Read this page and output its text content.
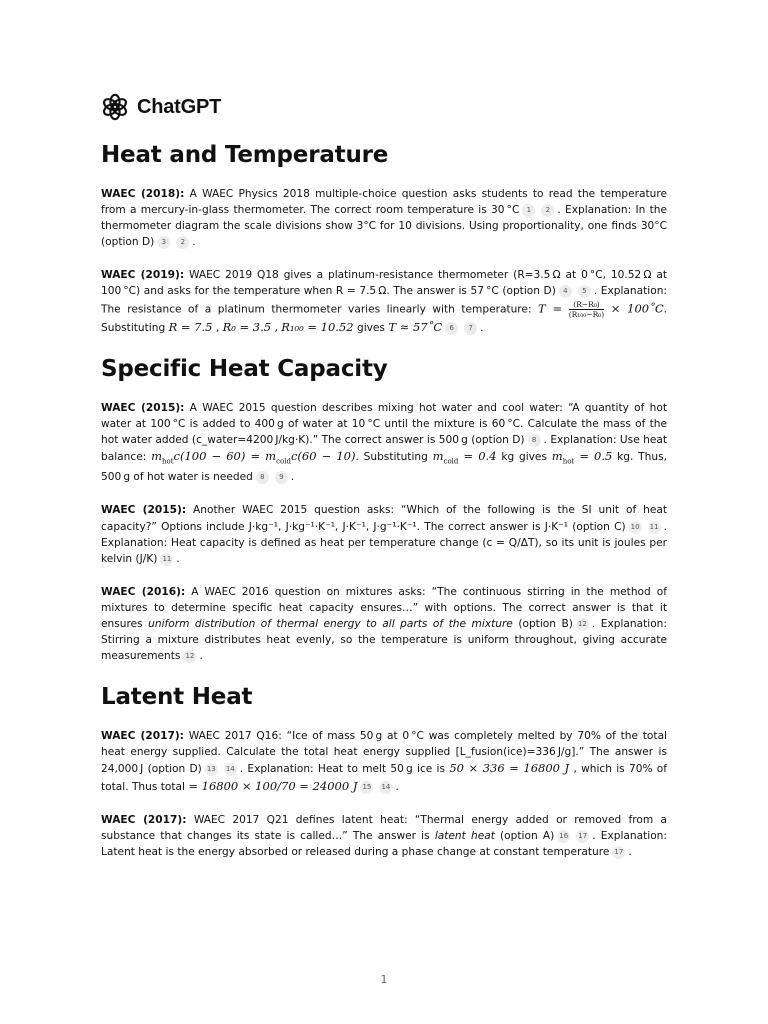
ChatGPT
Heat and Temperature

WAEC (2018): A WAEC Physics 2018 multiple-choice question asks students to read the temperature from a mercury-in-glass thermometer. The correct room temperature is 30 °C 1 2 . Explanation: In the thermometer diagram the scale divisions show 3°C for 10 divisions. Using proportionality, one finds 30°C (option D) 3 2 .

WAEC (2019): WAEC 2019 Q18 gives a platinum-resistance thermometer (R=3.5 Ω at 0 °C, 10.52 Ω at 100 °C) and asks for the temperature when R = 7.5 Ω. The answer is 57 °C (option D) 4 5 . Explanation: The resistance of a platinum thermometer varies linearly with temperature: $T = \frac{\text{(R−R₀)}}{\text{(R₁₀₀−R₀)}}$ × 100˚C. Substituting R = 7.5 , R₀ = 3.5 , R₁₀₀ = 10.52 gives T ≈ 57˚C 6 7 .

Specific Heat Capacity

WAEC (2015): A WAEC 2015 question describes mixing hot water and cool water: “A quantity of hot water at 100 °C is added to 400 g of water at 10 °C until the mixture is 60 °C. Calculate the mass of the hot water added (c_water=4200 J/kg·K).” The correct answer is 500 g (option D) 8 . Explanation: Use heat balance: $m_{hot}c(100 - 60) = m_{cold}c(60 - 10)$. Substituting $m_{cold} = 0.4$ kg gives $m_{hot} = 0.5$ kg. Thus, 500 g of hot water is needed 8 9 .

WAEC (2015): Another WAEC 2015 question asks: “Which of the following is the SI unit of heat capacity?” Options include J·kg⁻¹, J·kg⁻¹·K⁻¹, J·K⁻¹, J·g⁻¹·K⁻¹. The correct answer is J·K⁻¹ (option C) 10 11 . Explanation: Heat capacity is defined as heat per temperature change (c = Q/ΔT), so its unit is joules per kelvin (J/K) 11 .

WAEC (2016): A WAEC 2016 question on mixtures asks: “The continuous stirring in the method of mixtures to determine specific heat capacity ensures…” with options. The correct answer is that it ensures uniform distribution of thermal energy to all parts of the mixture (option B) 12 . Explanation: Stirring a mixture distributes heat evenly, so the temperature is uniform throughout, giving accurate measurements 12 .

Latent Heat

WAEC (2017): WAEC 2017 Q16: “Ice of mass 50 g at 0 °C was completely melted by 70% of the total heat energy supplied. Calculate the total heat energy supplied [L_fusion(ice)=336 J/g].” The answer is 24,000 J (option D) 13 14 . Explanation: Heat to melt 50 g ice is 50 × 336 = 16800 J , which is 70% of total. Thus total = 16800 × 100/70 = 24000 J 15 14 .

WAEC (2017): WAEC 2017 Q21 defines latent heat: “Thermal energy added or removed from a substance that changes its state is called…” The answer is latent heat (option A) 16 17 . Explanation: Latent heat is the energy absorbed or released during a phase change at constant temperature 17 .

1
